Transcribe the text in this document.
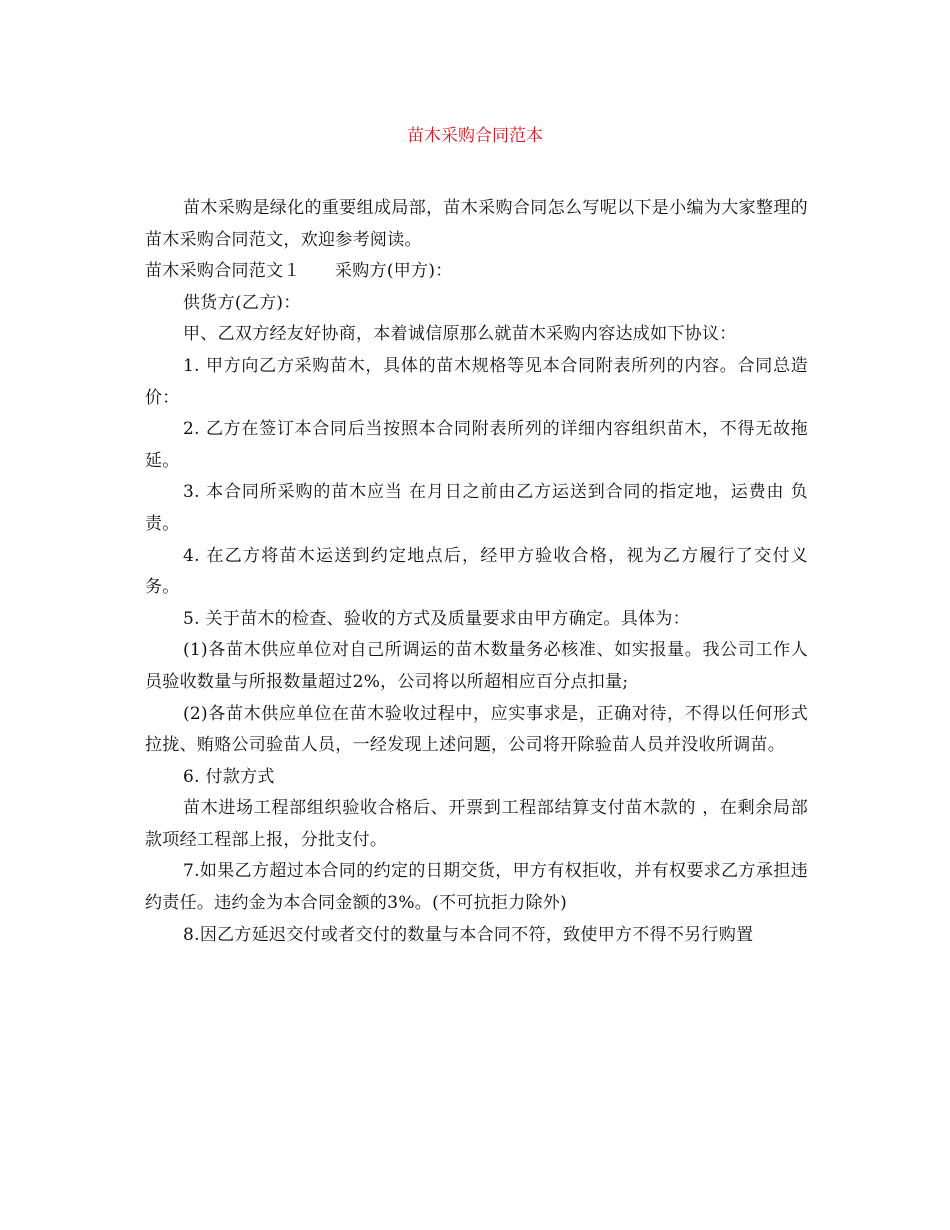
苗木采购合同范本

苗木采购是绿化的重要组成局部，苗木采购合同怎么写呢以下是小编为大家整理的苗木采购合同范文，欢迎参考阅读。

苗木采购合同范文１      采购方(甲方)：

供货方(乙方)：

甲、乙双方经友好协商，本着诚信原那么就苗木采购内容达成如下协议：

1. 甲方向乙方采购苗木，具体的苗木规格等见本合同附表所列的内容。合同总造价：

2. 乙方在签订本合同后当按照本合同附表所列的详细内容组织苗木，不得无故拖延。

3. 本合同所采购的苗木应当 在月日之前由乙方运送到合同的指定地，运费由 负责。

4. 在乙方将苗木运送到约定地点后，经甲方验收合格，视为乙方履行了交付义务。

5. 关于苗木的检查、验收的方式及质量要求由甲方确定。具体为：

(1)各苗木供应单位对自己所调运的苗木数量务必核准、如实报量。我公司工作人员验收数量与所报数量超过2%，公司将以所超相应百分点扣量;

(2)各苗木供应单位在苗木验收过程中，应实事求是，正确对待，不得以任何形式拉拢、贿赂公司验苗人员，一经发现上述问题，公司将开除验苗人员并没收所调苗。

6. 付款方式

苗木进场工程部组织验收合格后、开票到工程部结算支付苗木款的 ，在剩余局部款项经工程部上报，分批支付。

7.如果乙方超过本合同的约定的日期交货，甲方有权拒收，并有权要求乙方承担违约责任。违约金为本合同金额的3%。(不可抗拒力除外)

8.因乙方延迟交付或者交付的数量与本合同不符，致使甲方不得不另行购置
